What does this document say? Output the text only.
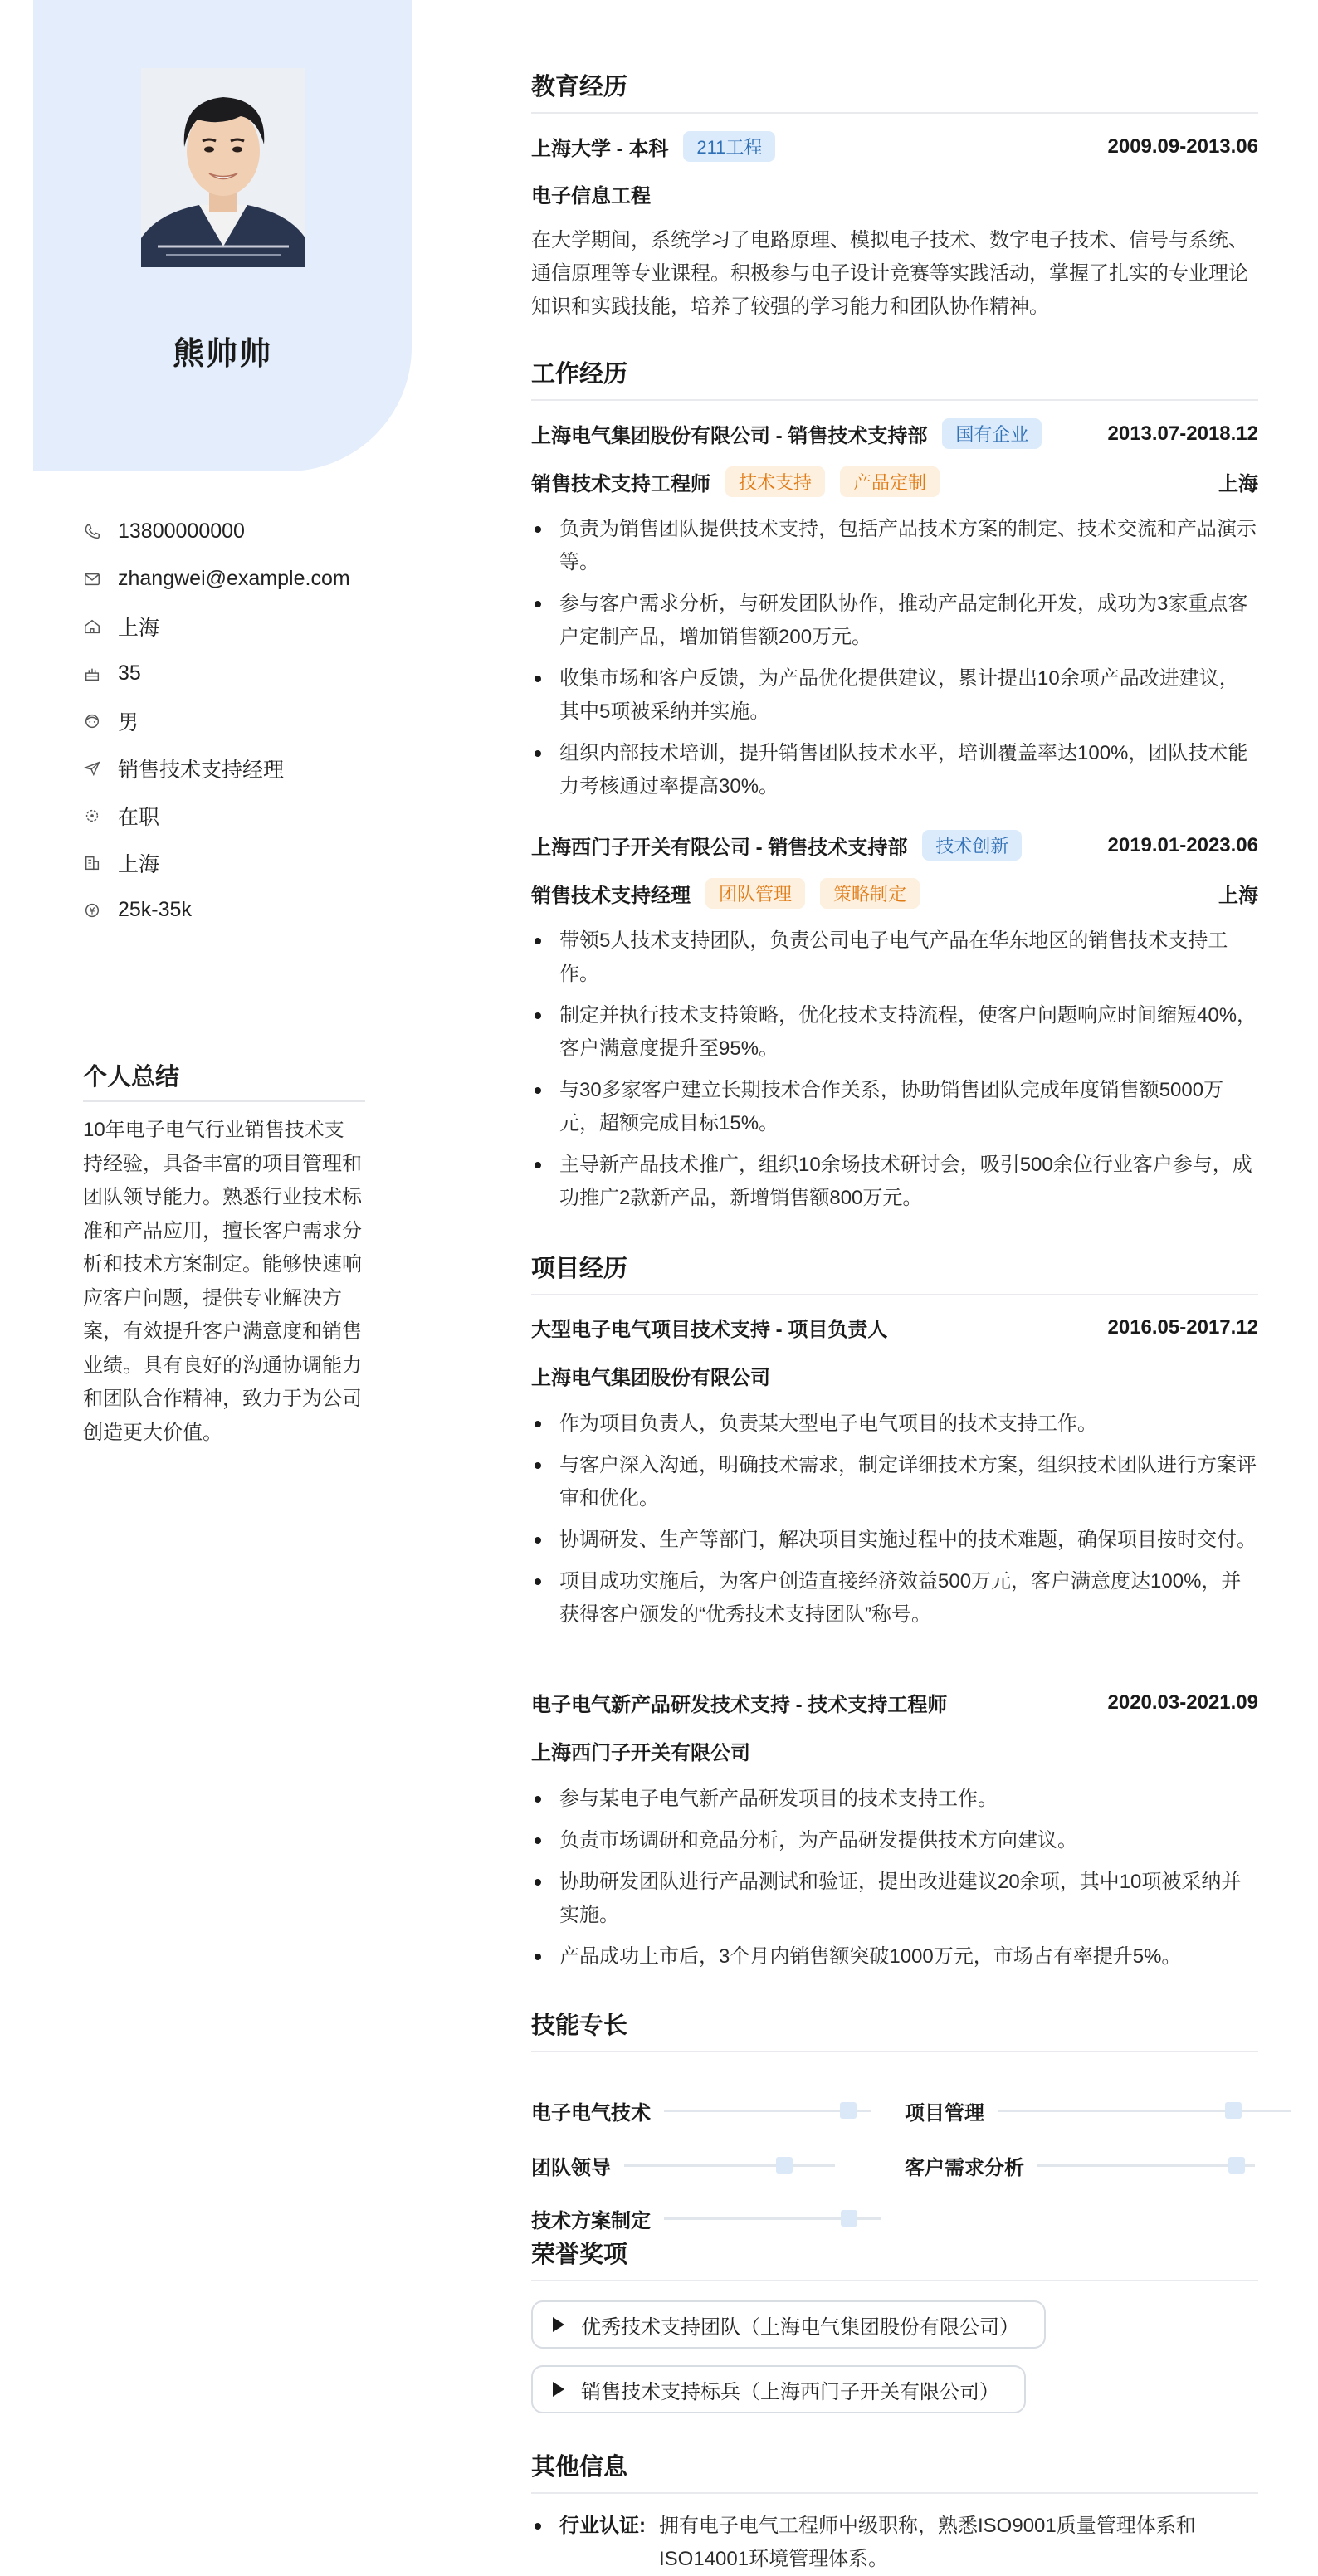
熊帅帅
13800000000
zhangwei@example.com
上海
35
男
销售技术支持经理
在职
上海
25k-35k
个人总结
10年电子电气行业销售技术支持经验，具备丰富的项目管理和团队领导能力。熟悉行业技术标准和产品应用，擅长客户需求分析和技术方案制定。能够快速响应客户问题，提供专业解决方案，有效提升客户满意度和销售业绩。具有良好的沟通协调能力和团队合作精神，致力于为公司创造更大价值。
教育经历
上海大学 - 本科	211工程	2009.09-2013.06
电子信息工程
在大学期间，系统学习了电路原理、模拟电子技术、数字电子技术、信号与系统、通信原理等专业课程。积极参与电子设计竞赛等实践活动，掌握了扎实的专业理论知识和实践技能，培养了较强的学习能力和团队协作精神。
工作经历
上海电气集团股份有限公司 - 销售技术支持部	国有企业	2013.07-2018.12
销售技术支持工程师	技术支持	产品定制	上海
负责为销售团队提供技术支持，包括产品技术方案的制定、技术交流和产品演示等。
参与客户需求分析，与研发团队协作，推动产品定制化开发，成功为3家重点客户定制产品，增加销售额200万元。
收集市场和客户反馈，为产品优化提供建议，累计提出10余项产品改进建议，其中5项被采纳并实施。
组织内部技术培训，提升销售团队技术水平，培训覆盖率达100%，团队技术能力考核通过率提高30%。
上海西门子开关有限公司 - 销售技术支持部	技术创新	2019.01-2023.06
销售技术支持经理	团队管理	策略制定	上海
带领5人技术支持团队，负责公司电子电气产品在华东地区的销售技术支持工作。
制定并执行技术支持策略，优化技术支持流程，使客户问题响应时间缩短40%，客户满意度提升至95%。
与30多家客户建立长期技术合作关系，协助销售团队完成年度销售额5000万元，超额完成目标15%。
主导新产品技术推广，组织10余场技术研讨会，吸引500余位行业客户参与，成功推广2款新产品，新增销售额800万元。
项目经历
大型电子电气项目技术支持 - 项目负责人	2016.05-2017.12
上海电气集团股份有限公司
作为项目负责人，负责某大型电子电气项目的技术支持工作。
与客户深入沟通，明确技术需求，制定详细技术方案，组织技术团队进行方案评审和优化。
协调研发、生产等部门，解决项目实施过程中的技术难题，确保项目按时交付。
项目成功实施后，为客户创造直接经济效益500万元，客户满意度达100%，并获得客户颁发的“优秀技术支持团队”称号。
电子电气新产品研发技术支持 - 技术支持工程师	2020.03-2021.09
上海西门子开关有限公司
参与某电子电气新产品研发项目的技术支持工作。
负责市场调研和竞品分析，为产品研发提供技术方向建议。
协助研发团队进行产品测试和验证，提出改进建议20余项，其中10项被采纳并实施。
产品成功上市后，3个月内销售额突破1000万元，市场占有率提升5%。
技能专长
电子电气技术	项目管理
团队领导	客户需求分析
技术方案制定
荣誉奖项
优秀技术支持团队（上海电气集团股份有限公司）
销售技术支持标兵（上海西门子开关有限公司）
其他信息
行业认证: 拥有电子电气工程师中级职称，熟悉ISO9001质量管理体系和ISO14001环境管理体系。
